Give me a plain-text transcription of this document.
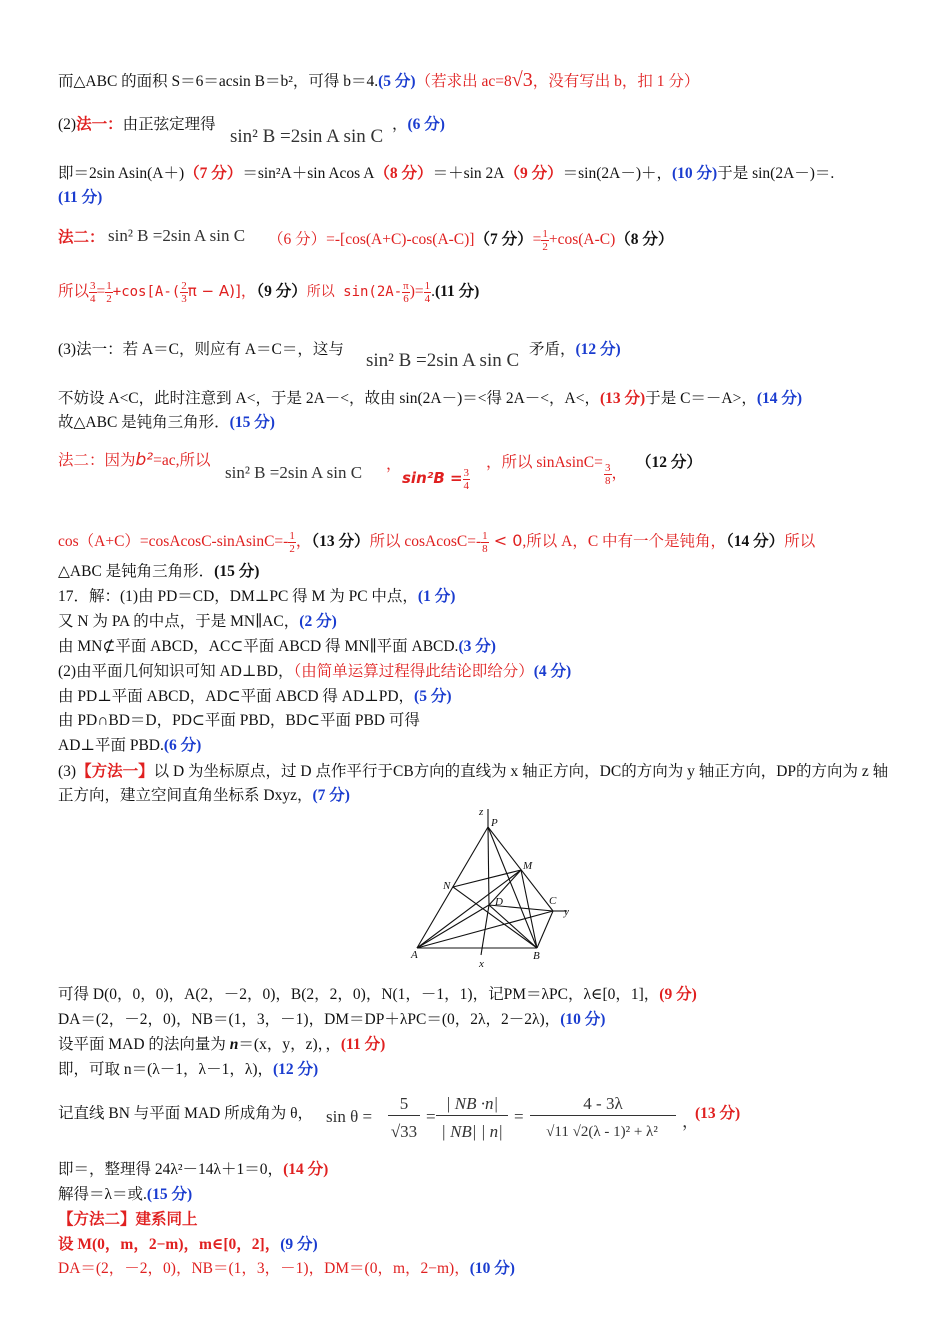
而△ABC 的面积 S＝6＝acsin B＝b²，可得 b＝4.(5 分)（若求出 ac=8√3，没有写出 b，扣 1 分）
(2)法一：由正弦定理得
sin² B =2sin A sin C
，(6 分)
即＝2sin Asin(A＋)（7 分）＝sin²A＋sin Acos A（8 分）＝＋sin 2A（9 分）＝sin(2A－)＋，(10 分)于是 sin(2A－)＝.
(11 分)
法二： sin² B =2sin A sin C （6 分）=-[cos(A+C)-cos(A-C)]（7 分）= $\frac{1}{2} +\cos(A-C)(8$ 分）
所以 $\frac{3}{4} = \frac{1}{2} +\cos[A-( \frac{2}{3}$ π − A)]，（9 分）所以 $\sin(2A- \frac{\pi}{6}$ )= $\frac{1}{4} .(11$ 分)
(3)法一：若 A＝C，则应有 A＝C＝，这与
sin² B =2sin A sin C
矛盾，(12 分)
不妨设 A<C，此时注意到 A<，于是 2A－<，故由 sin(2A－)＝<得 2A－<，A<，(13 分)于是 C＝－A>，(14 分)
故△ABC 是钝角三角形．(15 分)
法二：因为b²=ac,所以
sin² B =2sin A sin C ，
$\sin^2B = \frac{3}{4}$
，所以 sinAsinC= $\frac{3}{8}$ ，
（12 分）
cos（A+C）=cosAcosC-sinAsinC=- $\frac{1}{2}$ ，（13 分）所以 cosAcosC=- $\frac{1}{8} < 0$,所以 A，C 中有一个是钝角，（14 分）所以
△ABC 是钝角三角形．(15 分)
17．解：(1)由 PD＝CD，DM⊥PC 得 M 为 PC 中点，(1 分)
又 N 为 PA 的中点，于是 MN∥AC，(2 分)
由 MN⊄平面 ABCD，AC⊂平面 ABCD 得 MN∥平面 ABCD.(3 分)
(2)由平面几何知识可知 AD⊥BD，（由简单运算过程得此结论即给分）(4 分)
由 PD⊥平面 ABCD，AD⊂平面 ABCD 得 AD⊥PD，(5 分)
由 PD∩BD＝D，PD⊂平面 PBD，BD⊂平面 PBD 可得
AD⊥平面 PBD.(6 分)
(3)【方法一】以 D 为坐标原点，过 D 点作平行于CB方向的直线为 x 轴正方向，DC的方向为 y 轴正方向，DP的方向为 z 轴正方向，建立空间直角坐标系 Dxyz，(7 分)
z
P
M
N
D	C
y
A	B
x
可得 D(0，0，0)，A(2，－2，0)，B(2，2，0)，N(1，－1，1)，记PM＝λPC，λ∈[0，1]，(9 分)
DA＝(2，－2，0)，NB＝(1，3，－1)，DM＝DP＋λPC＝(0，2λ，2－2λ)，(10 分)
设平面 MAD 的法向量为 n＝(x，y，z)，，(11 分)
即，可取 n＝(λ－1，λ－1，λ)，(12 分)
记直线 BN 与平面 MAD 所成角为 θ， sin θ =
5
√33
=
| NB ·n|
| NB| | n|
=
4 - 3λ
√11 √2(λ - 1)² + λ²
，
(13 分)
即＝，整理得 24λ²－14λ＋1＝0，(14 分)
解得＝λ＝或.(15 分)
【方法二】建系同上
设 M(0，m，2−m)，m∈[0，2]，(9 分)
DA＝(2，－2，0)，NB＝(1，3，－1)，DM＝(0，m，2−m)，(10 分)
